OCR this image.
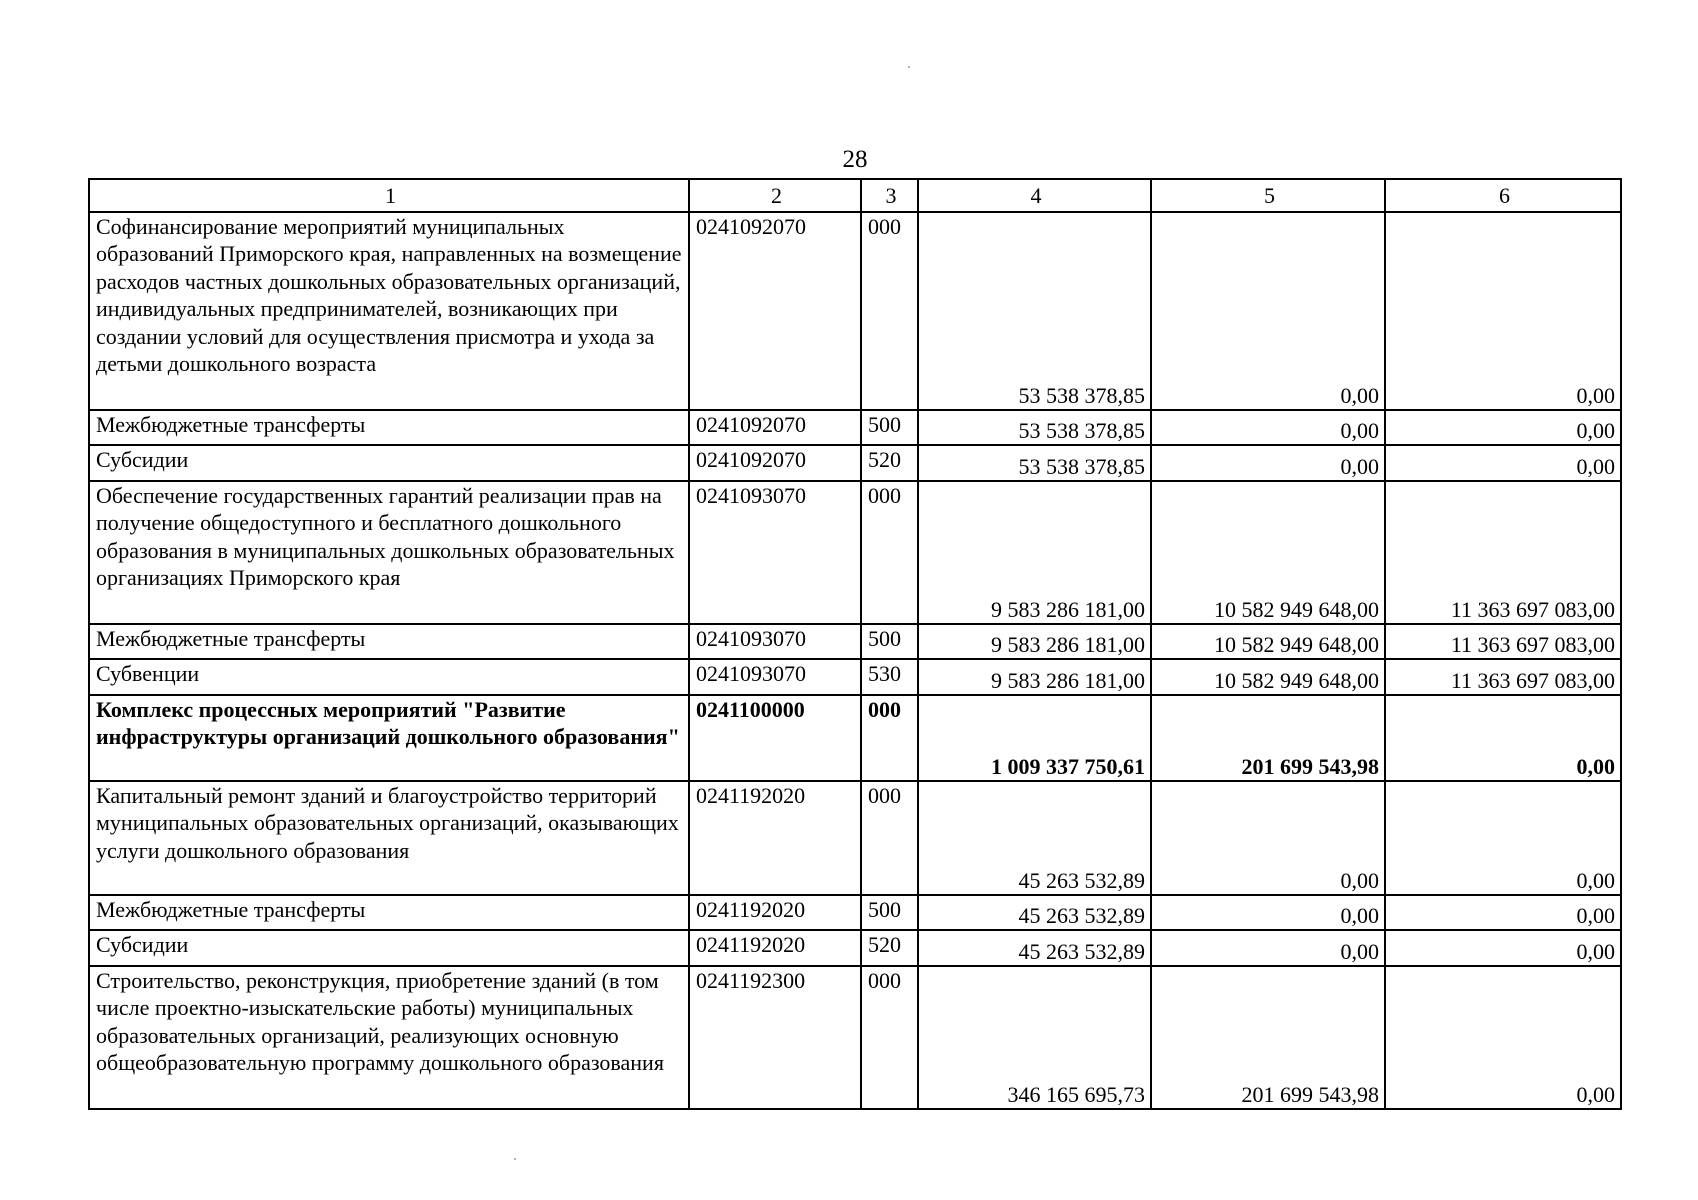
28
1	2	3	4	5	6
Софинансирование мероприятий муниципальных образований Приморского края, направленных на возмещение расходов частных дошкольных образовательных организаций, индивидуальных предпринимателей, возникающих при создании условий для осуществления присмотра и ухода за детьми дошкольного возраста	0241092070	000	53 538 378,85	0,00	0,00
Межбюджетные трансферты	0241092070	500	53 538 378,85	0,00	0,00
Субсидии	0241092070	520	53 538 378,85	0,00	0,00
Обеспечение государственных гарантий реализации прав на получение общедоступного и бесплатного дошкольного образования в муниципальных дошкольных образовательных организациях Приморского края	0241093070	000	9 583 286 181,00	10 582 949 648,00	11 363 697 083,00
Межбюджетные трансферты	0241093070	500	9 583 286 181,00	10 582 949 648,00	11 363 697 083,00
Субвенции	0241093070	530	9 583 286 181,00	10 582 949 648,00	11 363 697 083,00
Комплекс процессных мероприятий "Развитие инфраструктуры организаций дошкольного образования"	0241100000	000	1 009 337 750,61	201 699 543,98	0,00
Капитальный ремонт зданий и благоустройство территорий муниципальных образовательных организаций, оказывающих услуги дошкольного образования	0241192020	000	45 263 532,89	0,00	0,00
Межбюджетные трансферты	0241192020	500	45 263 532,89	0,00	0,00
Субсидии	0241192020	520	45 263 532,89	0,00	0,00
Строительство, реконструкция, приобретение зданий (в том числе проектно-изыскательские работы) муниципальных образовательных организаций, реализующих основную общеобразовательную программу дошкольного образования	0241192300	000	346 165 695,73	201 699 543,98	0,00
